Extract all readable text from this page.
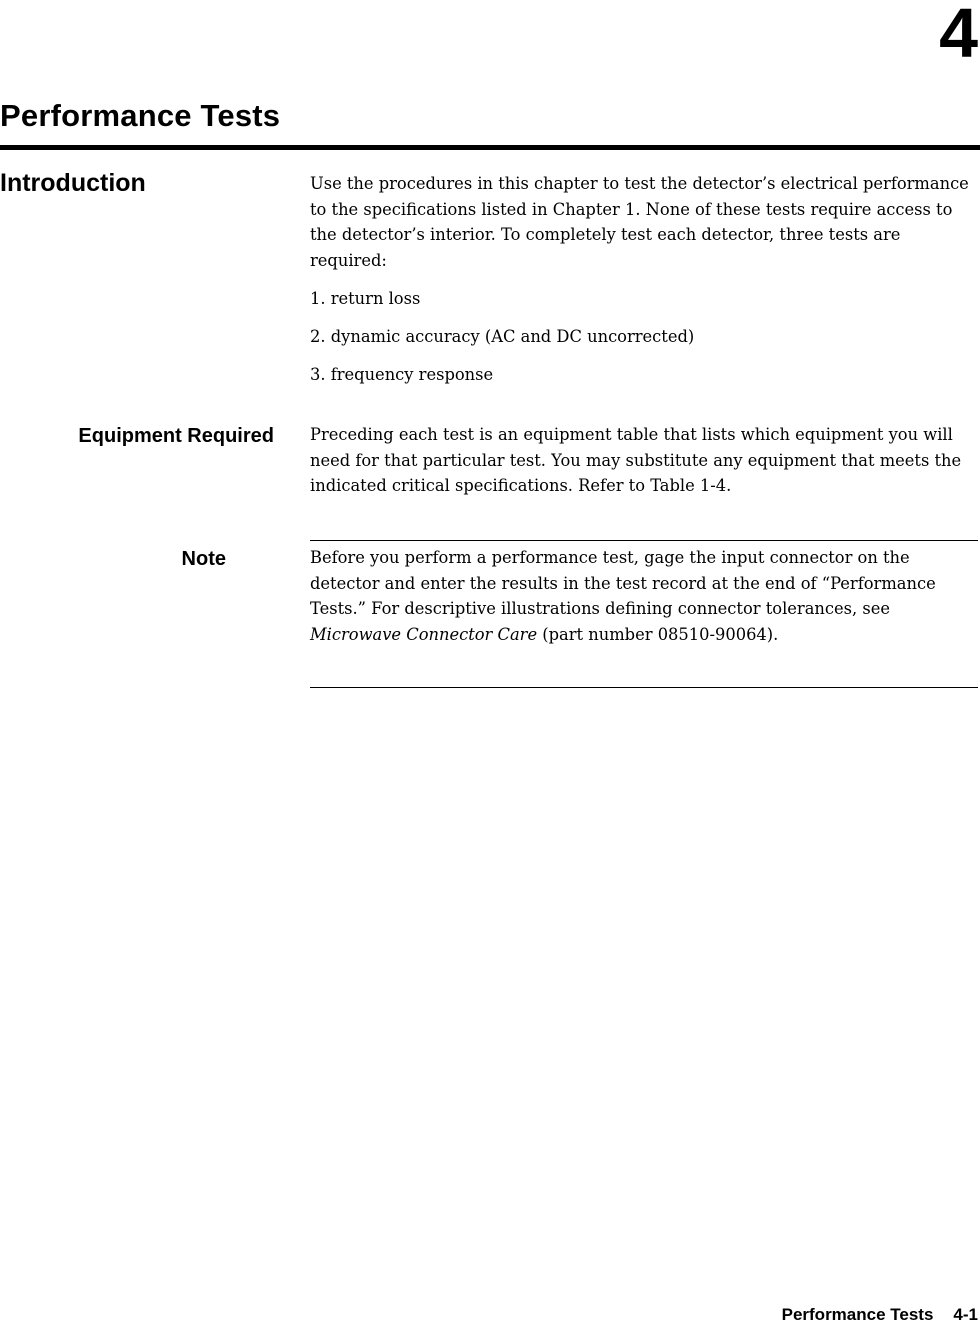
4
Performance Tests
Introduction	Use the procedures in this chapter to test the detector’s electrical performance to the specifications listed in Chapter 1. None of these tests require access to the detector’s interior. To completely test each detector, three tests are required:

1. return loss
2. dynamic accuracy (AC and DC uncorrected)
3. frequency response
Equipment Required Preceding each test is an equipment table that lists which equipment you will need for that particular test. You may substitute any equipment that meets the indicated critical specifications. Refer to Table 1-4.

Note	Before you perform a performance test, gage the input connector on the detector and enter the results in the test record at the end of “Performance Tests.” For descriptive illustrations defining connector tolerances, see Microwave Connector Care (part number 08510-90064).

Performance Tests 4-1
